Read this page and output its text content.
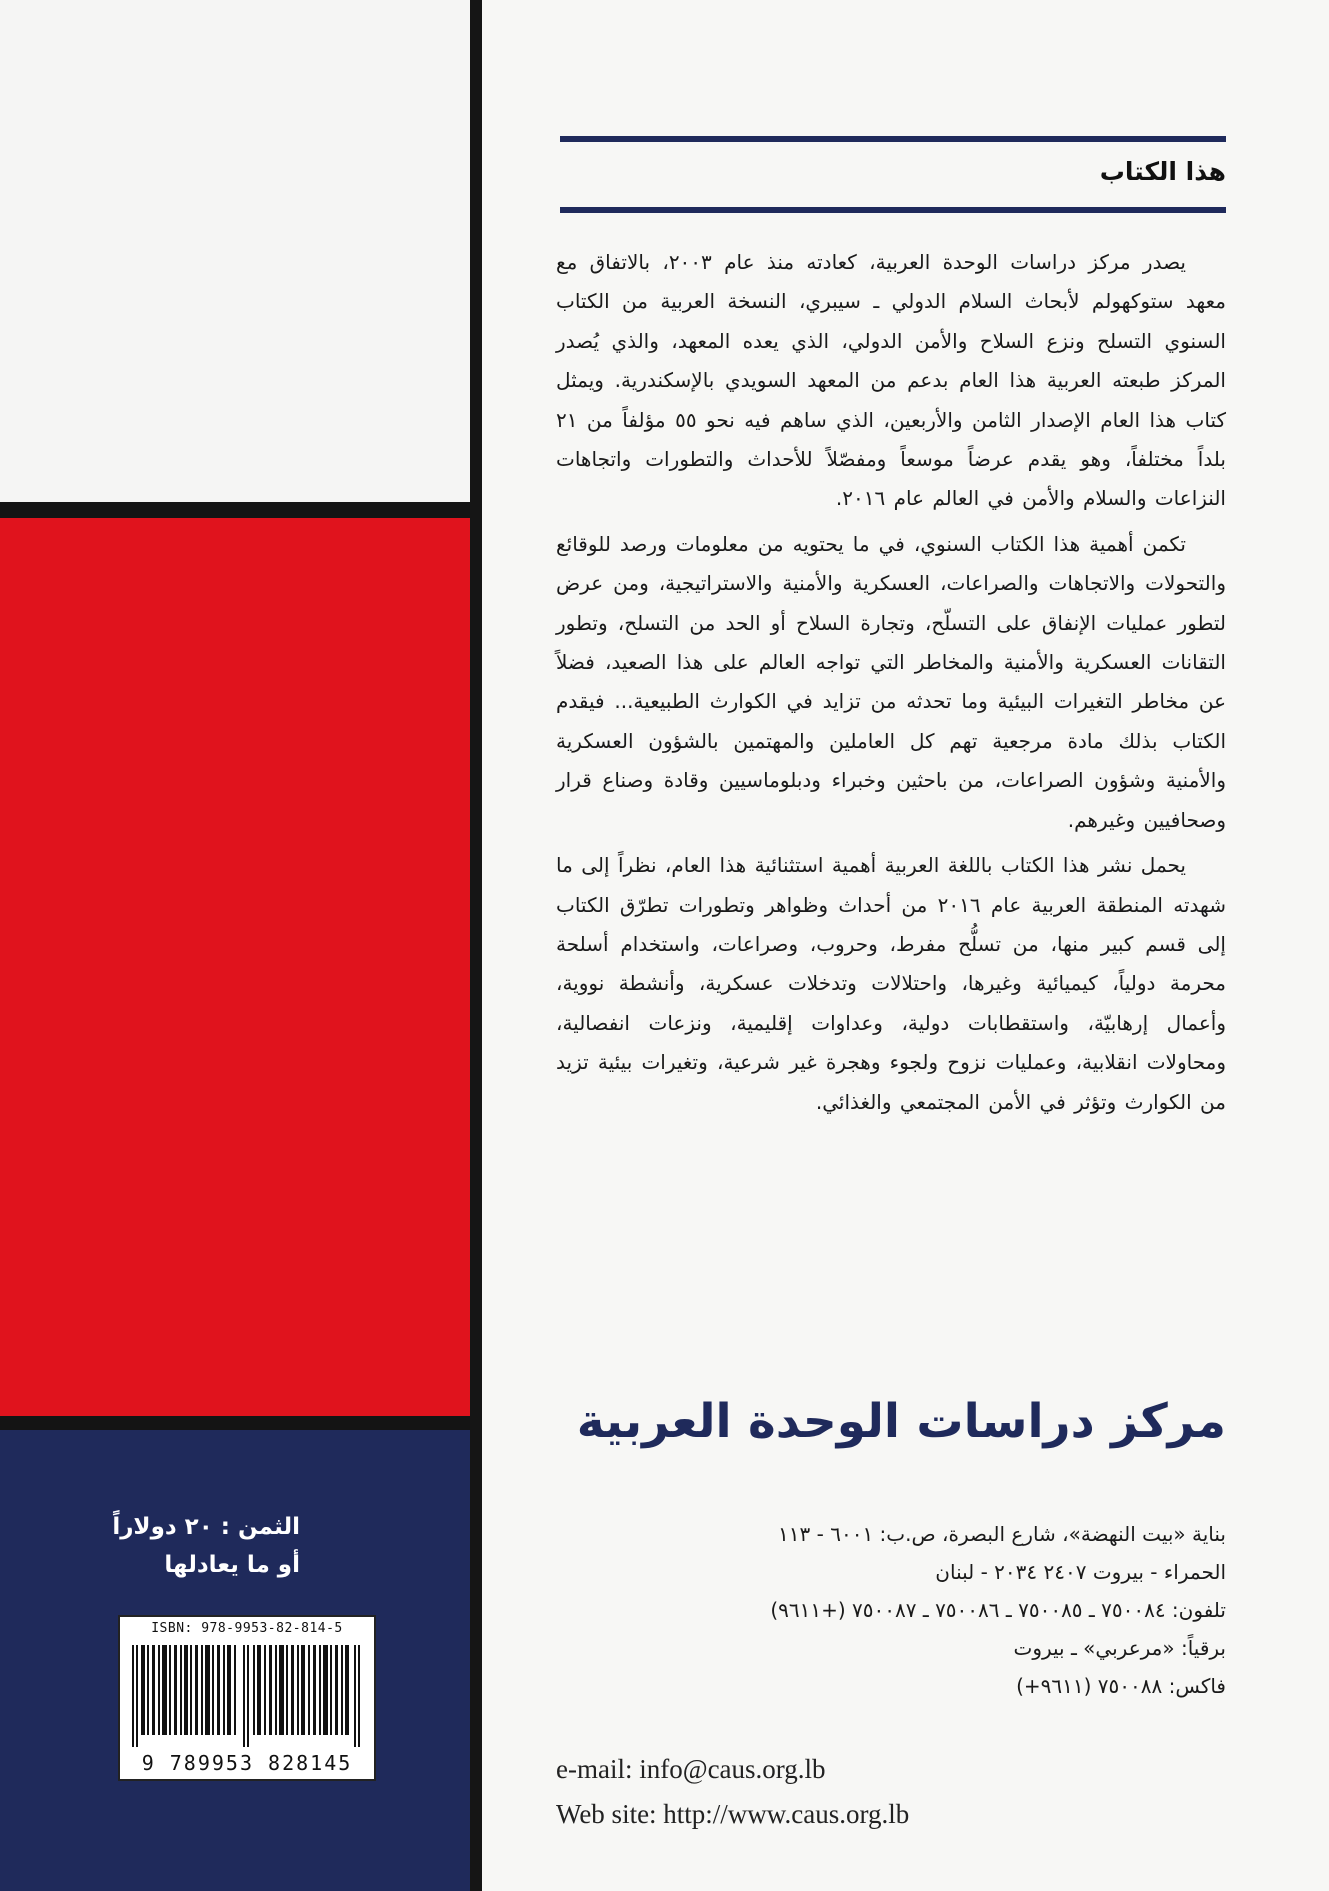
الثمن : ٢٠ دولاراً
أو ما يعادلها
ISBN: 978-9953-82-814-5
9 789953 828145
هذا الكتاب

يصدر مركز دراسات الوحدة العربية، كعادته منذ عام ٢٠٠٣، بالاتفاق مع معهد ستوكهولم لأبحاث السلام الدولي ـ سيبري، النسخة العربية من الكتاب السنوي التسلح ونزع السلاح والأمن الدولي، الذي يعده المعهد، والذي يُصدر المركز طبعته العربية هذا العام بدعم من المعهد السويدي بالإسكندرية. ويمثل كتاب هذا العام الإصدار الثامن والأربعين، الذي ساهم فيه نحو ٥٥ مؤلفاً من ٢١ بلداً مختلفاً، وهو يقدم عرضاً موسعاً ومفصّلاً للأحداث والتطورات واتجاهات النزاعات والسلام والأمن في العالم عام ٢٠١٦.

تكمن أهمية هذا الكتاب السنوي، في ما يحتويه من معلومات ورصد للوقائع والتحولات والاتجاهات والصراعات، العسكرية والأمنية والاستراتيجية، ومن عرض لتطور عمليات الإنفاق على التسلّح، وتجارة السلاح أو الحد من التسلح، وتطور التقانات العسكرية والأمنية والمخاطر التي تواجه العالم على هذا الصعيد، فضلاً عن مخاطر التغيرات البيئية وما تحدثه من تزايد في الكوارث الطبيعية... فيقدم الكتاب بذلك مادة مرجعية تهم كل العاملين والمهتمين بالشؤون العسكرية والأمنية وشؤون الصراعات، من باحثين وخبراء ودبلوماسيين وقادة وصناع قرار وصحافيين وغيرهم.

يحمل نشر هذا الكتاب باللغة العربية أهمية استثنائية هذا العام، نظراً إلى ما شهدته المنطقة العربية عام ٢٠١٦ من أحداث وظواهر وتطورات تطرّق الكتاب إلى قسم كبير منها، من تسلُّح مفرط، وحروب، وصراعات، واستخدام أسلحة محرمة دولياً، كيميائية وغيرها، واحتلالات وتدخلات عسكرية، وأنشطة نووية، وأعمال إرهابيّة، واستقطابات دولية، وعداوات إقليمية، ونزعات انفصالية، ومحاولات انقلابية، وعمليات نزوح ولجوء وهجرة غير شرعية، وتغيرات بيئية تزيد من الكوارث وتؤثر في الأمن المجتمعي والغذائي.

مركز دراسات الوحدة العربية
بناية «بيت النهضة»، شارع البصرة، ص.ب: ٦٠٠١ - ١١٣
الحمراء - بيروت ٢٤٠٧ ٢٠٣٤ - لبنان
تلفون: ٧٥٠٠٨٤ ـ ٧٥٠٠٨٥ ـ ٧٥٠٠٨٦ ـ ٧٥٠٠٨٧ (+٩٦١١)
برقياً: «مرعربي» ـ بيروت
فاكس: ٧٥٠٠٨٨ (٩٦١١+)
e-mail: info@caus.org.lb
Web site: http://www.caus.org.lb
